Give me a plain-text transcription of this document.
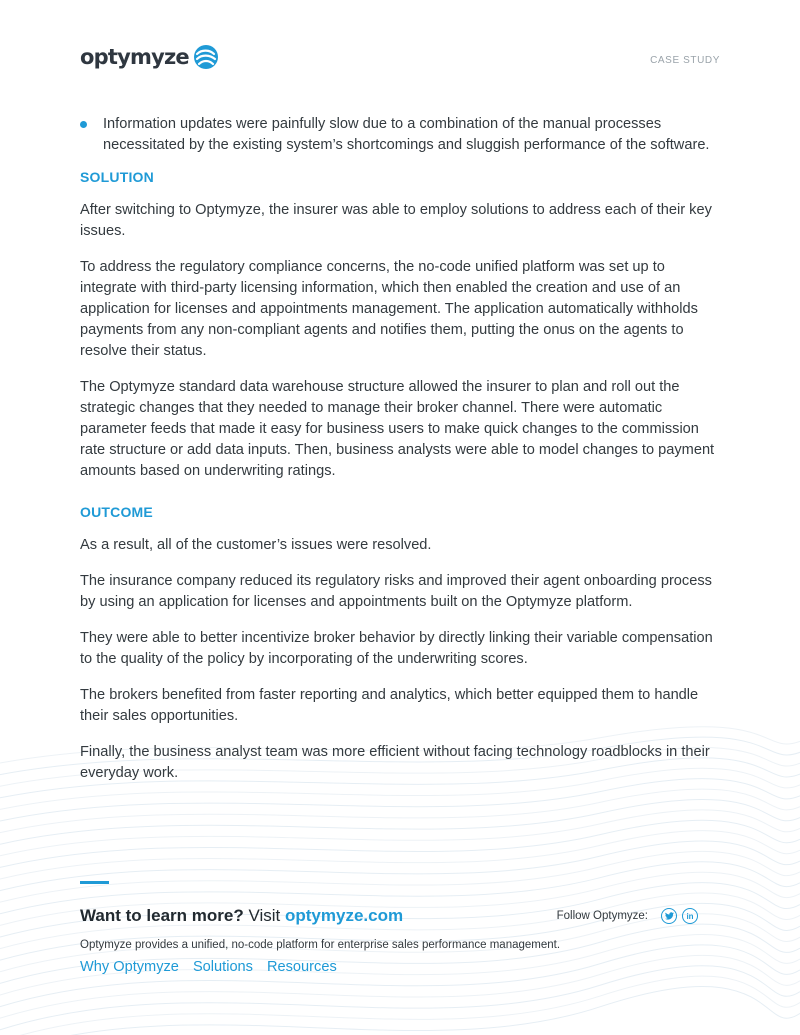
optymyze	CASE STUDY

Information updates were painfully slow due to a combination of the manual processes necessitated by the existing system’s shortcomings and sluggish performance of the software.

SOLUTION

After switching to Optymyze, the insurer was able to employ solutions to address each of their key issues.

To address the regulatory compliance concerns, the no-code unified platform was set up to integrate with third-party licensing information, which then enabled the creation and use of an application for licenses and appointments management. The application automatically withholds payments from any non-compliant agents and notifies them, putting the onus on the agents to resolve their status.

The Optymyze standard data warehouse structure allowed the insurer to plan and roll out the strategic changes that they needed to manage their broker channel. There were automatic parameter feeds that made it easy for business users to make quick changes to the commission rate structure or add data inputs. Then, business analysts were able to model changes to payment amounts based on underwriting ratings.

OUTCOME

As a result, all of the customer’s issues were resolved.

The insurance company reduced its regulatory risks and improved their agent onboarding process by using an application for licenses and appointments built on the Optymyze platform.

They were able to better incentivize broker behavior by directly linking their variable compensation to the quality of the policy by incorporating of the underwriting scores.

The brokers benefited from faster reporting and analytics, which better equipped them to handle their sales opportunities.

Finally, the business analyst team was more efficient without facing technology roadblocks in their everyday work.

Want to learn more? Visit optymyze.com	Follow Optymyze:	in
Optymyze provides a unified, no-code platform for enterprise sales performance management.
Why Optymyze Solutions Resources
